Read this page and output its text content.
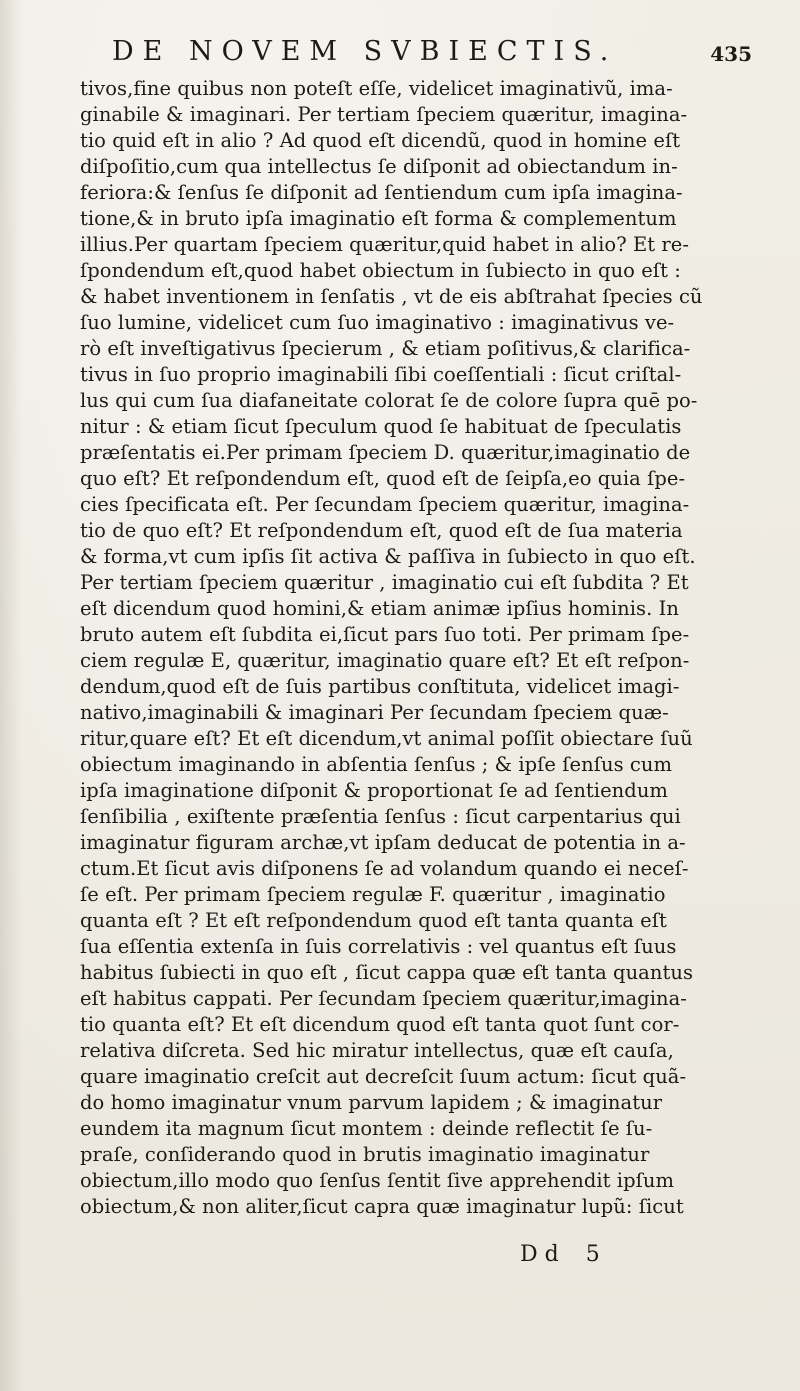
DE NOVEM SVBIECTIS.	435
tivos,fine quibus non poteſt eſſe, videlicet imaginativũ, ima-
ginabile & imaginari. Per tertiam ſpeciem quæritur, imagina-
tio quid eſt in alio ? Ad quod eſt dicendũ, quod in homine eſt
diſpoſitio,cum qua intellectus ſe diſponit ad obiectandum in-
feriora:& ſenſus ſe diſponit ad ſentiendum cum ipſa imagina-
tione,& in bruto ipſa imaginatio eſt forma & complementum
illius.Per quartam ſpeciem quæritur,quid habet in alio? Et re-
ſpondendum eſt,quod habet obiectum in ſubiecto in quo eſt :
& habet inventionem in ſenſatis , vt de eis abſtrahat ſpecies cũ
ſuo lumine, videlicet cum ſuo imaginativo : imaginativus ve-
rò eſt inveſtigativus ſpecierum , & etiam poſitivus,& clarifica-
tivus in ſuo proprio imaginabili ſibi coeſſentiali : ſicut criſtal-
lus qui cum ſua diafaneitate colorat ſe de colore ſupra quē po-
nitur : & etiam ſicut ſpeculum quod ſe habituat de ſpeculatis
præſentatis ei.Per primam ſpeciem D. quæritur,imaginatio de
quo eſt? Et reſpondendum eſt, quod eſt de ſeipſa,eo quia ſpe-
cies ſpecificata eſt. Per ſecundam ſpeciem quæritur, imagina-
tio de quo eſt? Et reſpondendum eſt, quod eſt de ſua materia
& forma,vt cum ipſis ſit activa & paſſiva in ſubiecto in quo eſt.
Per tertiam ſpeciem quæritur , imaginatio cui eſt ſubdita ? Et
eſt dicendum quod homini,& etiam animæ ipſius hominis. In
bruto autem eſt ſubdita ei,ſicut pars ſuo toti. Per primam ſpe-
ciem regulæ E, quæritur, imaginatio quare eſt? Et eſt reſpon-
dendum,quod eſt de ſuis partibus conſtituta, videlicet imagi-
nativo,imaginabili & imaginari Per ſecundam ſpeciem quæ-
ritur,quare eſt? Et eſt dicendum,vt animal poſſit obiectare ſuũ
obiectum imaginando in abſentia ſenſus ; & ipſe ſenſus cum
ipſa imaginatione diſponit & proportionat ſe ad ſentiendum
ſenſibilia , exiſtente præſentia ſenſus : ſicut carpentarius qui
imaginatur figuram archæ,vt ipſam deducat de potentia in a-
ctum.Et ſicut avis diſponens ſe ad volandum quando ei neceſ-
ſe eſt. Per primam ſpeciem regulæ F. quæritur , imaginatio
quanta eſt ? Et eſt reſpondendum quod eſt tanta quanta eſt
ſua eſſentia extenſa in ſuis correlativis : vel quantus eſt ſuus
habitus ſubiecti in quo eſt , ſicut cappa quæ eſt tanta quantus
eſt habitus cappati. Per ſecundam ſpeciem quæritur,imagina-
tio quanta eſt? Et eſt dicendum quod eſt tanta quot ſunt cor-
relativa diſcreta. Sed hic miratur intellectus, quæ eſt cauſa,
quare imaginatio creſcit aut decreſcit ſuum actum: ſicut quã-
do homo imaginatur vnum parvum lapidem ; & imaginatur
eundem ita magnum ſicut montem : deinde reflectit ſe ſu-
praſe, conſiderando quod in brutis imaginatio imaginatur
obiectum,illo modo quo ſenſus ſentit ſive apprehendit ipſum
obiectum,& non aliter,ſicut capra quæ imaginatur lupũ: ſicut
D d 5
